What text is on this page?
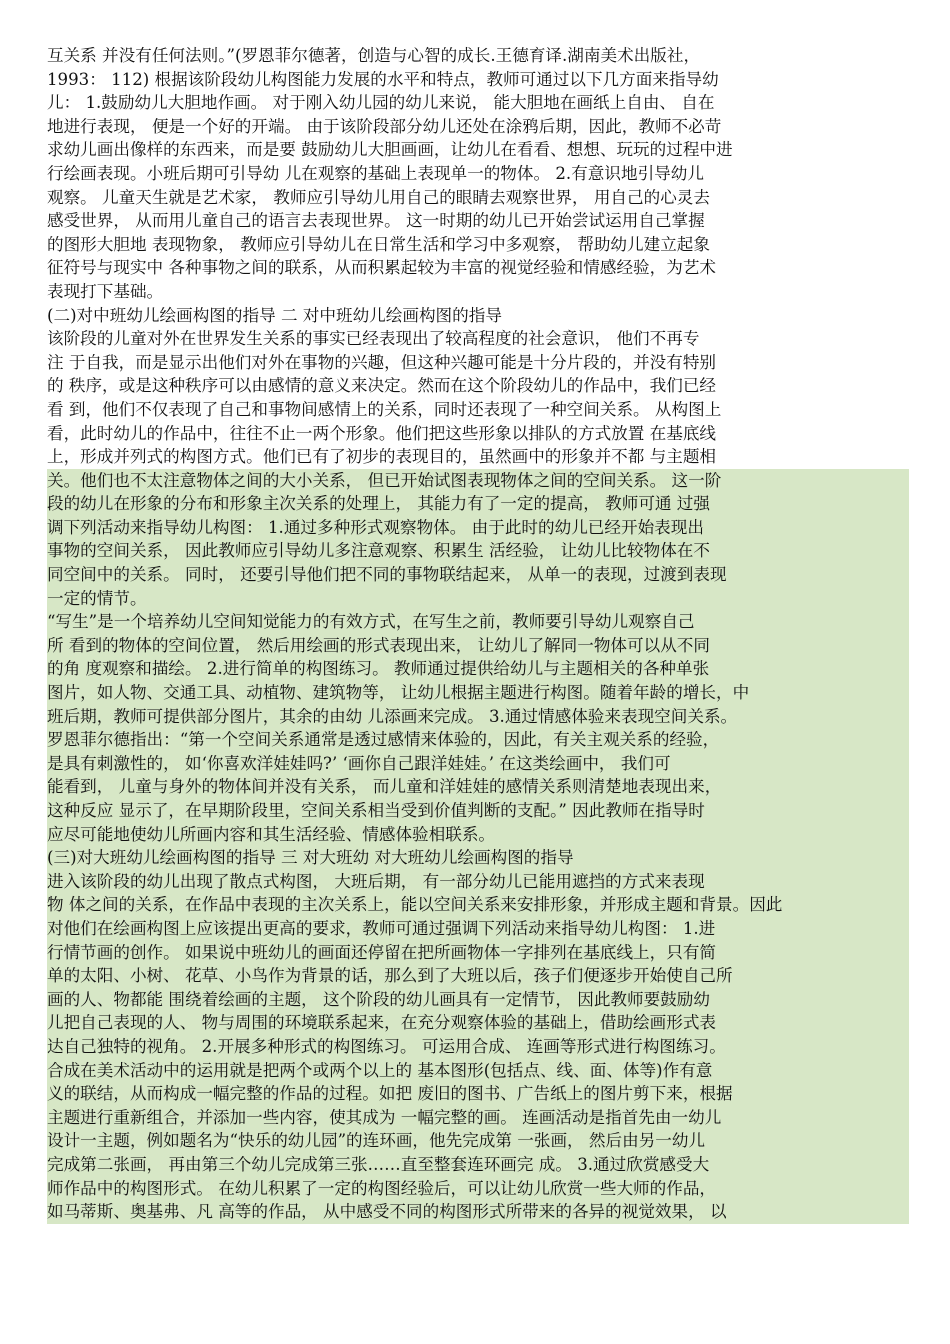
互关系 并没有任何法则。”(罗恩菲尔德著，创造与心智的成长.王德育译.湖南美术出版社，
1993： 112) 根据该阶段幼儿构图能力发展的水平和特点，教师可通过以下几方面来指导幼
儿： 1.鼓励幼儿大胆地作画。 对于刚入幼儿园的幼儿来说， 能大胆地在画纸上自由、 自在
地进行表现， 便是一个好的开端。 由于该阶段部分幼儿还处在涂鸦后期，因此，教师不必苛
求幼儿画出像样的东西来，而是要 鼓励幼儿大胆画画，让幼儿在看看、想想、玩玩的过程中进
行绘画表现。小班后期可引导幼 儿在观察的基础上表现单一的物体。 2.有意识地引导幼儿
观察。 儿童天生就是艺术家， 教师应引导幼儿用自己的眼睛去观察世界， 用自己的心灵去
感受世界， 从而用儿童自己的语言去表现世界。 这一时期的幼儿已开始尝试运用自己掌握
的图形大胆地 表现物象， 教师应引导幼儿在日常生活和学习中多观察， 帮助幼儿建立起象
征符号与现实中 各种事物之间的联系，从而积累起较为丰富的视觉经验和情感经验，为艺术
表现打下基础。
(二)对中班幼儿绘画构图的指导 二 对中班幼儿绘画构图的指导
该阶段的儿童对外在世界发生关系的事实已经表现出了较高程度的社会意识， 他们不再专
注 于自我，而是显示出他们对外在事物的兴趣，但这种兴趣可能是十分片段的，并没有特别
的 秩序，或是这种秩序可以由感情的意义来决定。然而在这个阶段幼儿的作品中，我们已经
看 到，他们不仅表现了自己和事物间感情上的关系，同时还表现了一种空间关系。 从构图上
看，此时幼儿的作品中，往往不止一两个形象。他们把这些形象以排队的方式放置 在基底线
上，形成并列式的构图方式。他们已有了初步的表现目的，虽然画中的形象并不都 与主题相
关。他们也不太注意物体之间的大小关系， 但已开始试图表现物体之间的空间关系。 这一阶
段的幼儿在形象的分布和形象主次关系的处理上， 其能力有了一定的提高， 教师可通 过强
调下列活动来指导幼儿构图： 1.通过多种形式观察物体。 由于此时的幼儿已经开始表现出
事物的空间关系， 因此教师应引导幼儿多注意观察、积累生 活经验， 让幼儿比较物体在不
同空间中的关系。 同时， 还要引导他们把不同的事物联结起来， 从单一的表现，过渡到表现
一定的情节。
“写生”是一个培养幼儿空间知觉能力的有效方式，在写生之前，教师要引导幼儿观察自己
所 看到的物体的空间位置， 然后用绘画的形式表现出来， 让幼儿了解同一物体可以从不同
的角 度观察和描绘。 2.进行简单的构图练习。 教师通过提供给幼儿与主题相关的各种单张
图片，如人物、交通工具、动植物、建筑物等， 让幼儿根据主题进行构图。随着年龄的增长，中
班后期，教师可提供部分图片，其余的由幼 儿添画来完成。 3.通过情感体验来表现空间关系。
罗恩菲尔德指出：“第一个空间关系通常是透过感情来体验的，因此，有关主观关系的经验，
是具有刺激性的， 如‘你喜欢洋娃娃吗?’ ‘画你自己跟洋娃娃。’ 在这类绘画中， 我们可
能看到， 儿童与身外的物体间并没有关系， 而儿童和洋娃娃的感情关系则清楚地表现出来，
这种反应 显示了，在早期阶段里，空间关系相当受到价值判断的支配。” 因此教师在指导时
应尽可能地使幼儿所画内容和其生活经验、情感体验相联系。
(三)对大班幼儿绘画构图的指导 三 对大班幼 对大班幼儿绘画构图的指导
进入该阶段的幼儿出现了散点式构图， 大班后期， 有一部分幼儿已能用遮挡的方式来表现
物 体之间的关系，在作品中表现的主次关系上，能以空间关系来安排形象，并形成主题和背景。因此
对他们在绘画构图上应该提出更高的要求，教师可通过强调下列活动来指导幼儿构图： 1.进
行情节画的创作。 如果说中班幼儿的画面还停留在把所画物体一字排列在基底线上，只有简
单的太阳、小树、 花草、小鸟作为背景的话，那么到了大班以后，孩子们便逐步开始使自己所
画的人、物都能 围绕着绘画的主题， 这个阶段的幼儿画具有一定情节， 因此教师要鼓励幼
儿把自己表现的人、 物与周围的环境联系起来，在充分观察体验的基础上，借助绘画形式表
达自己独特的视角。 2.开展多种形式的构图练习。 可运用合成、 连画等形式进行构图练习。
合成在美术活动中的运用就是把两个或两个以上的 基本图形(包括点、线、面、体等)作有意
义的联结，从而构成一幅完整的作品的过程。如把 废旧的图书、广告纸上的图片剪下来，根据
主题进行重新组合，并添加一些内容，使其成为 一幅完整的画。 连画活动是指首先由一幼儿
设计一主题，例如题名为“快乐的幼儿园”的连环画，他先完成第 一张画， 然后由另一幼儿
完成第二张画， 再由第三个幼儿完成第三张……直至整套连环画完 成。 3.通过欣赏感受大
师作品中的构图形式。 在幼儿积累了一定的构图经验后，可以让幼儿欣赏一些大师的作品，
如马蒂斯、奥基弗、凡 高等的作品， 从中感受不同的构图形式所带来的各异的视觉效果， 以
